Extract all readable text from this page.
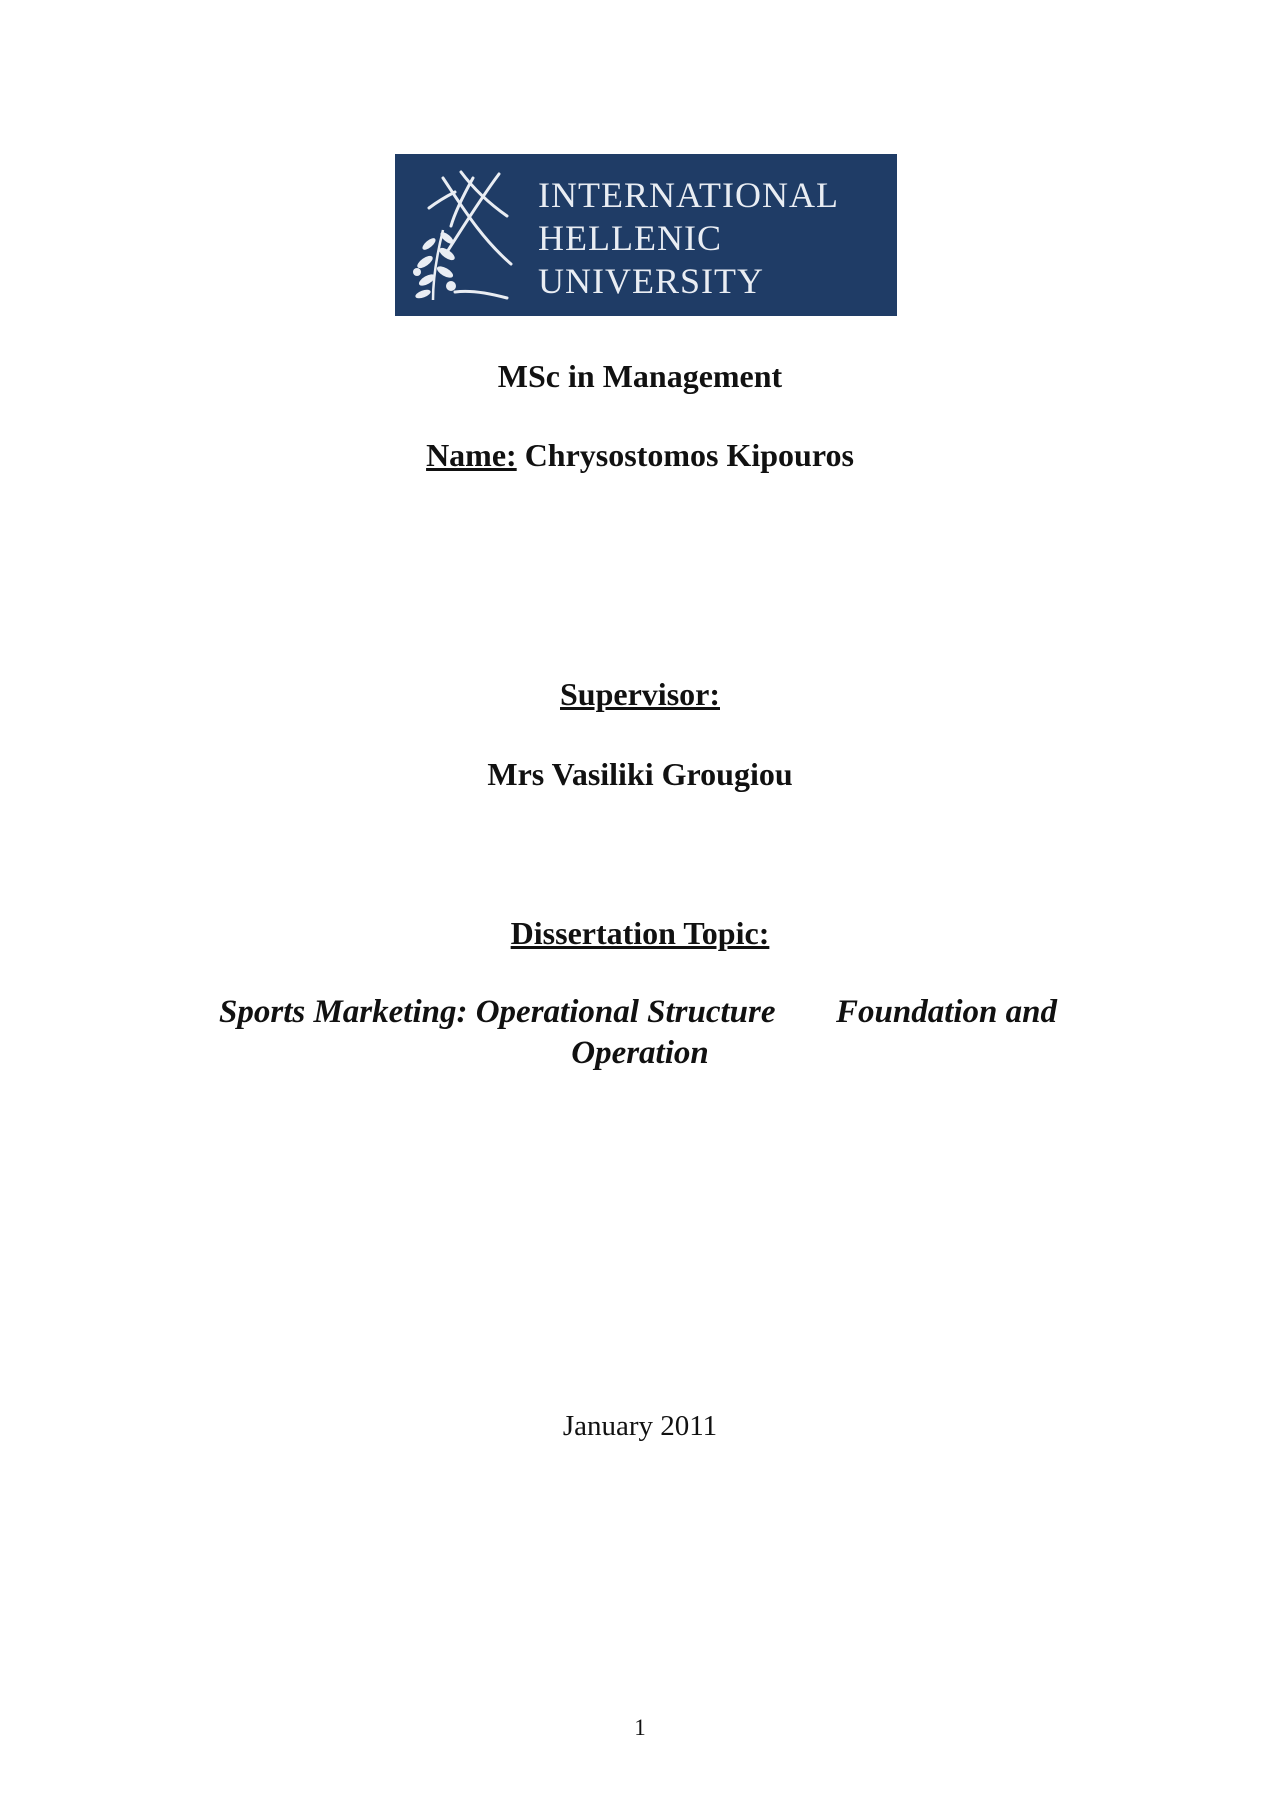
INTERNATIONAL
HELLENIC
UNIVERSITY
MSc in Management
Name: Chrysostomos Kipouros
Supervisor:
Mrs Vasiliki Grougiou
Dissertation Topic:
Sports Marketing: Operational Structure Foundation and
Operation
January 2011
1
